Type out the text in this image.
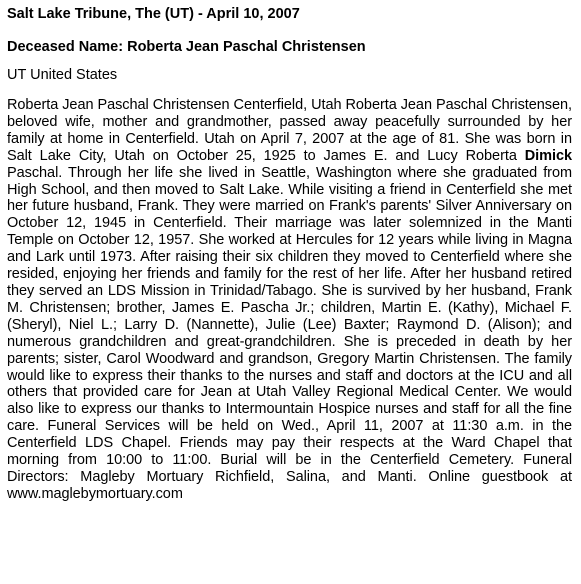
Salt Lake Tribune, The (UT) - April 10, 2007
Deceased Name: Roberta Jean Paschal Christensen
UT United States

Roberta Jean Paschal Christensen Centerfield, Utah Roberta Jean Paschal Christensen, beloved wife, mother and grandmother, passed away peacefully surrounded by her family at home in Centerfield. Utah on April 7, 2007 at the age of 81. She was born in Salt Lake City, Utah on October 25, 1925 to James E. and Lucy Roberta Dimick Paschal. Through her life she lived in Seattle, Washington where she graduated from High School, and then moved to Salt Lake. While visiting a friend in Centerfield she met her future husband, Frank. They were married on Frank's parents' Silver Anniversary on October 12, 1945 in Centerfield. Their marriage was later solemnized in the Manti Temple on October 12, 1957. She worked at Hercules for 12 years while living in Magna and Lark until 1973. After raising their six children they moved to Centerfield where she resided, enjoying her friends and family for the rest of her life. After her husband retired they served an LDS Mission in Trinidad/Tabago. She is survived by her husband, Frank M. Christensen; brother, James E. Pascha Jr.; children, Martin E. (Kathy), Michael F. (Sheryl), Niel L.; Larry D. (Nannette), Julie (Lee) Baxter; Raymond D. (Alison); and numerous grandchildren and great-grandchildren. She is preceded in death by her parents; sister, Carol Woodward and grandson, Gregory Martin Christensen. The family would like to express their thanks to the nurses and staff and doctors at the ICU and all others that provided care for Jean at Utah Valley Regional Medical Center. We would also like to express our thanks to Intermountain Hospice nurses and staff for all the fine care. Funeral Services will be held on Wed., April 11, 2007 at 11:30 a.m. in the Centerfield LDS Chapel. Friends may pay their respects at the Ward Chapel that morning from 10:00 to 11:00. Burial will be in the Centerfield Cemetery. Funeral Directors: Magleby Mortuary Richfield, Salina, and Manti. Online guestbook at www.maglebymortuary.com
